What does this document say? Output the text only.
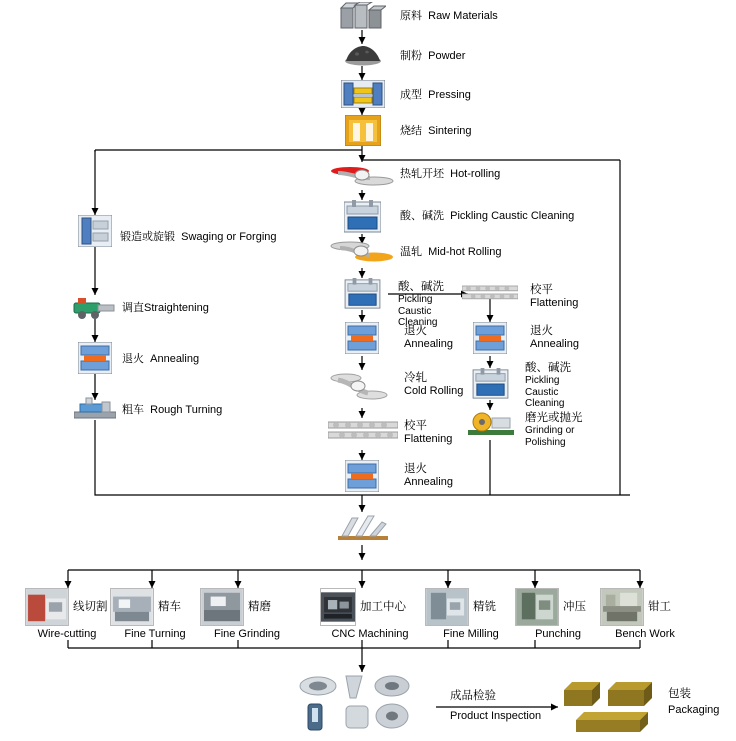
原料 Raw Materials
制粉 Powder
成型 Pressing
烧结 Sintering
热轧开坯 Hot-rolling
酸、碱洗 Pickling Caustic Cleaning
温轧 Mid-hot Rolling
锻造或旋锻 Swaging or Forging
调直Straightening
退火 Annealing
粗车 Rough Turning
酸、碱洗
Pickling Caustic Cleaning
退火
Annealing
冷轧
Cold Rolling
校平
Flattening
退火
Annealing
校平
Flattening
退火
Annealing
酸、碱洗
Pickling Caustic Cleaning
磨光或抛光
Grinding or Polishing
线切割
Wire-cutting
精车
Fine Turning
精磨
Fine Grinding
加工中心
CNC Machining
精铣
Fine Milling
冲压
Punching
钳工
Bench Work
成品检验
Product Inspection
包装
Packaging
